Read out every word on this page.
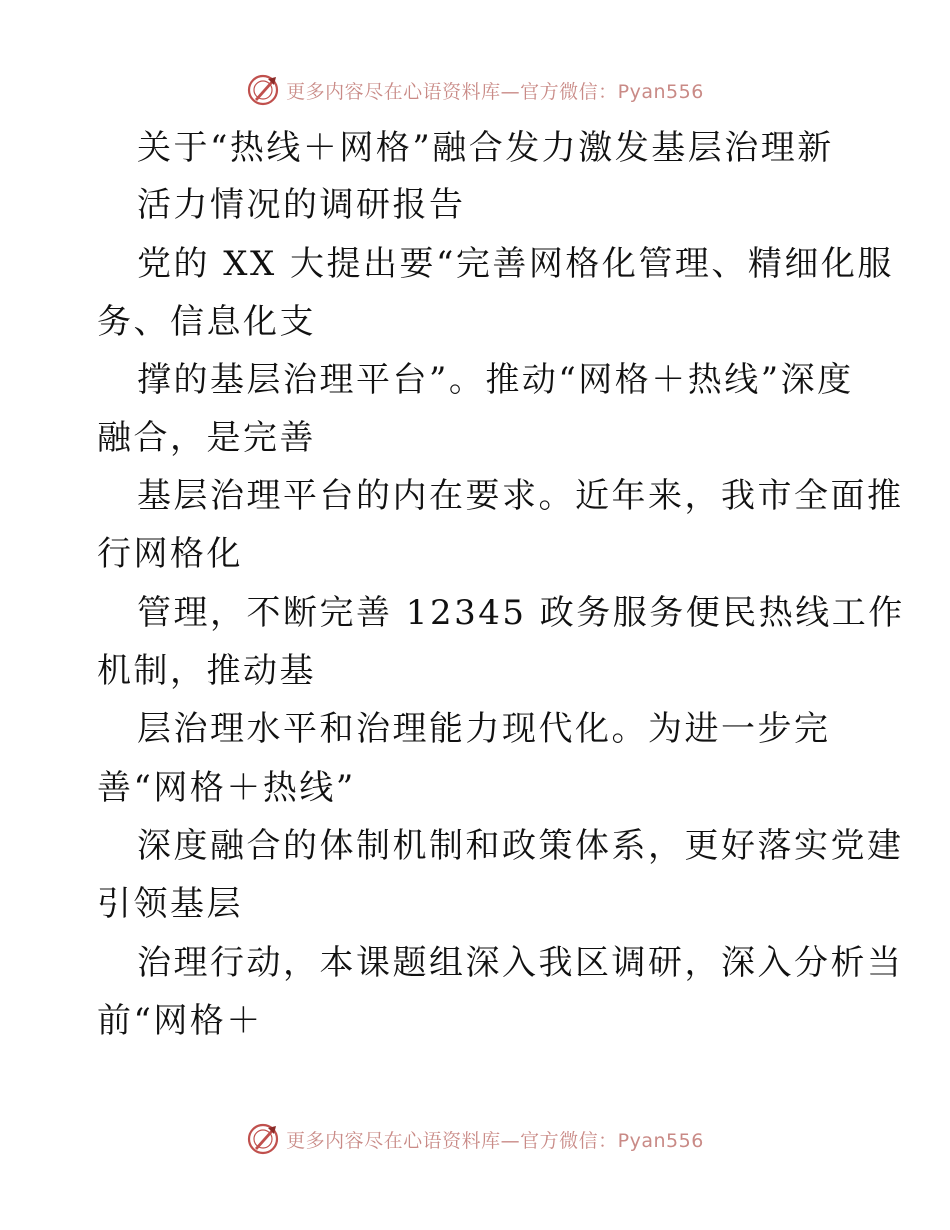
更多内容尽在心语资料库—官方微信：Pyan556
关于“热线＋网格”融合发力激发基层治理新
活力情况的调研报告
党的 XX 大提出要“完善网格化管理、精细化服
务、信息化支
撑的基层治理平台”。推动“网格＋热线”深度
融合，是完善
基层治理平台的内在要求。近年来，我市全面推
行网格化
管理，不断完善 12345 政务服务便民热线工作
机制，推动基
层治理水平和治理能力现代化。为进一步完
善“网格＋热线”
深度融合的体制机制和政策体系，更好落实党建
引领基层
治理行动，本课题组深入我区调研，深入分析当
前“网格＋
更多内容尽在心语资料库—官方微信：Pyan556
